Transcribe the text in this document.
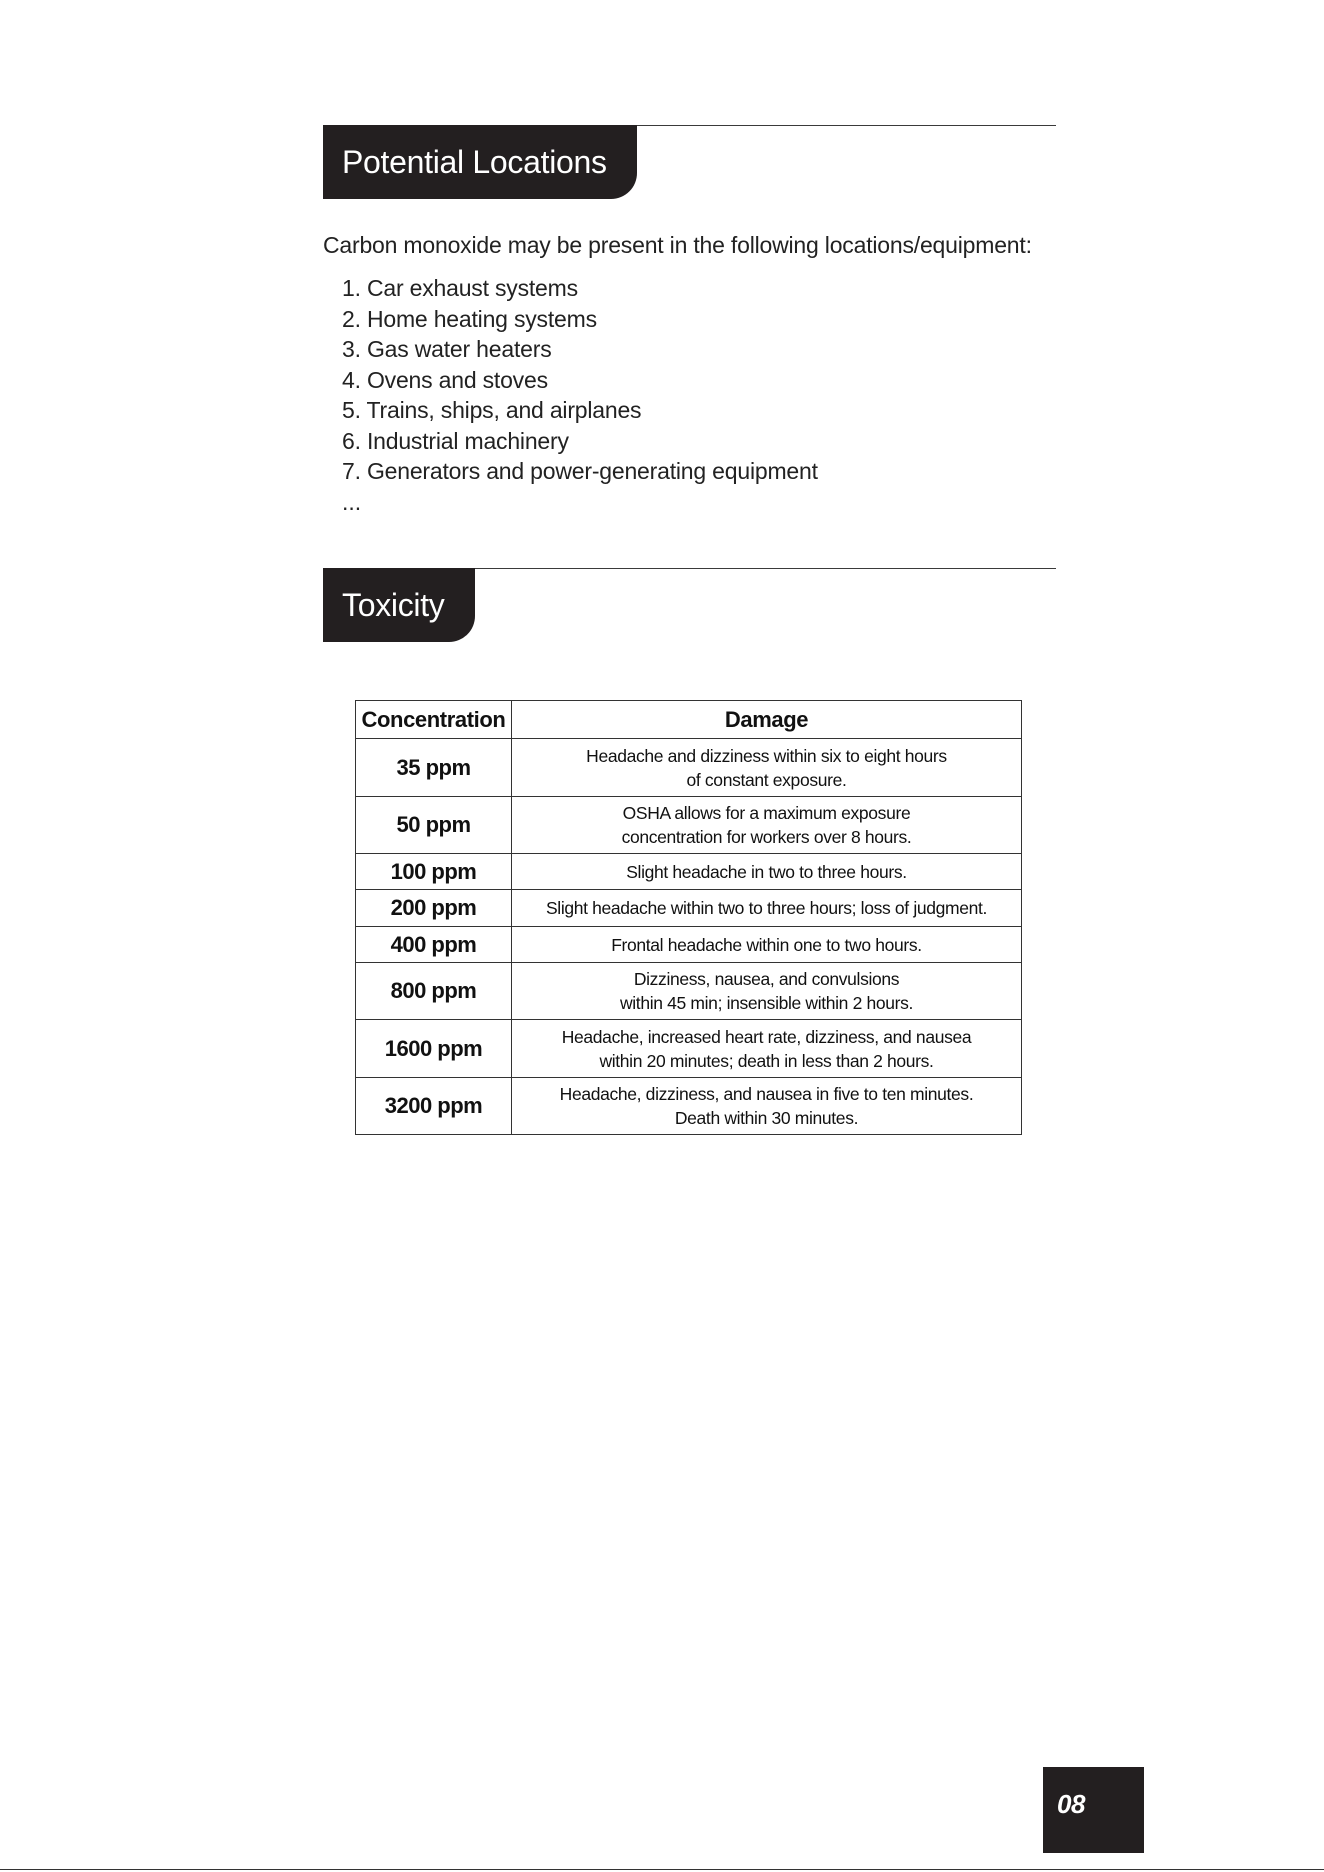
Potential Locations
Carbon monoxide may be present in the following locations/equipment:
1. Car exhaust systems
2. Home heating systems
3. Gas water heaters
4. Ovens and stoves
5. Trains, ships, and airplanes
6. Industrial machinery
7. Generators and power-generating equipment
...
Toxicity
Concentration	Damage
35 ppm	Headache and dizziness within six to eight hours
of constant exposure.
50 ppm	OSHA allows for a maximum exposure
concentration for workers over 8 hours.
100 ppm	Slight headache in two to three hours.
200 ppm	Slight headache within two to three hours; loss of judgment.
400 ppm	Frontal headache within one to two hours.
800 ppm	Dizziness, nausea, and convulsions
within 45 min; insensible within 2 hours.
1600 ppm	Headache, increased heart rate, dizziness, and nausea
within 20 minutes; death in less than 2 hours.
3200 ppm	Headache, dizziness, and nausea in five to ten minutes.
Death within 30 minutes.
08
